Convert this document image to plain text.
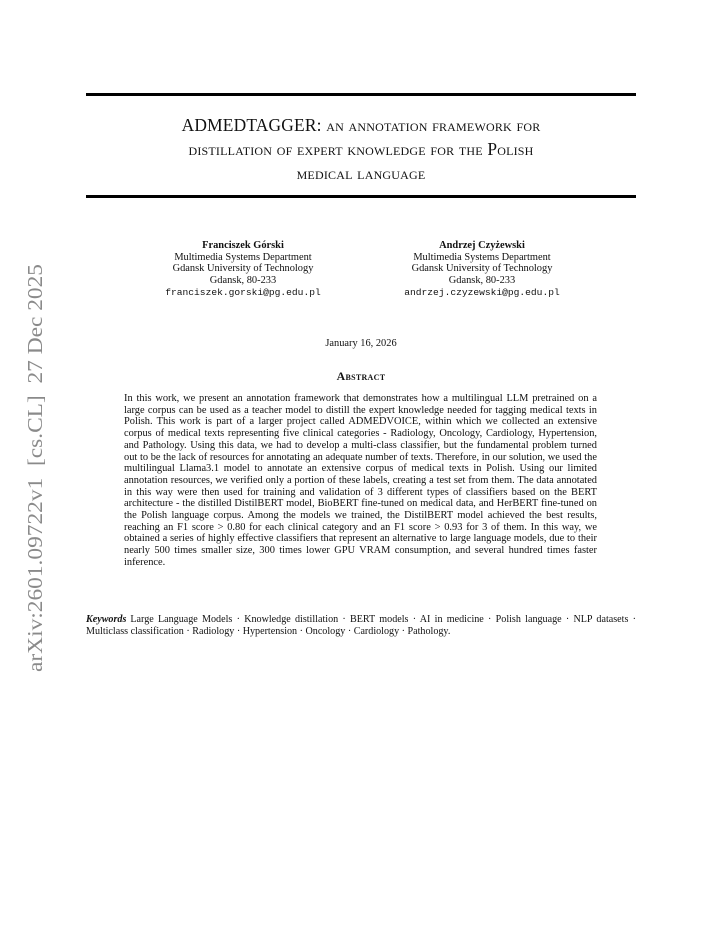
arXiv:2601.09722v1  [cs.CL]  27 Dec 2025
ADMEDTAGGER: an annotation framework for
distillation of expert knowledge for the Polish
medical language
Franciszek Górski
Multimedia Systems Department
Gdansk University of Technology
Gdansk, 80-233
franciszek.gorski@pg.edu.pl
Andrzej Czyżewski
Multimedia Systems Department
Gdansk University of Technology
Gdansk, 80-233
andrzej.czyzewski@pg.edu.pl
January 16, 2026
Abstract
In this work, we present an annotation framework that demonstrates how a multilingual LLM pretrained on a large corpus can be used as a teacher model to distill the expert knowledge needed for tagging medical texts in Polish. This work is part of a larger project called ADMEDVOICE, within which we collected an extensive corpus of medical texts representing five clinical categories - Radiology, Oncology, Cardiology, Hypertension, and Pathology. Using this data, we had to develop a multi-class classifier, but the fundamental problem turned out to be the lack of resources for annotating an adequate number of texts. Therefore, in our solution, we used the multilingual Llama3.1 model to annotate an extensive corpus of medical texts in Polish. Using our limited annotation resources, we verified only a portion of these labels, creating a test set from them. The data annotated in this way were then used for training and validation of 3 different types of classifiers based on the BERT architecture - the distilled DistilBERT model, BioBERT fine-tuned on medical data, and HerBERT fine-tuned on the Polish language corpus. Among the models we trained, the DistilBERT model achieved the best results, reaching an F1 score > 0.80 for each clinical category and an F1 score > 0.93 for 3 of them. In this way, we obtained a series of highly effective classifiers that represent an alternative to large language models, due to their nearly 500 times smaller size, 300 times lower GPU VRAM consumption, and several hundred times faster inference.
Keywords Large Language Models · Knowledge distillation · BERT models · AI in medicine · Polish language · NLP datasets · Multiclass classification · Radiology · Hypertension · Oncology · Cardiology · Pathology.
